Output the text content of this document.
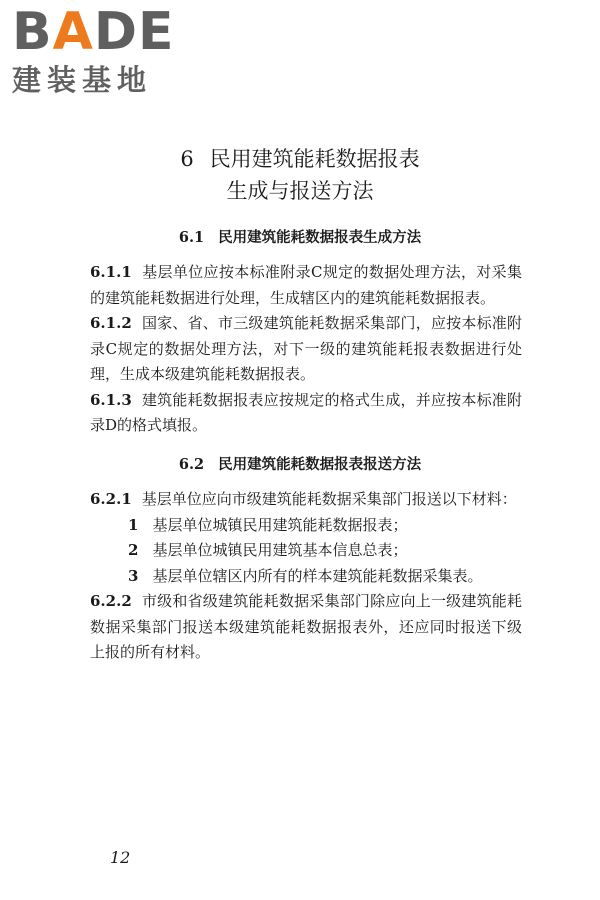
BADE
建装基地
6 民用建筑能耗数据报表
生成与报送方法
6.1 民用建筑能耗数据报表生成方法

6.1.1 基层单位应按本标准附录C规定的数据处理方法，对采集的建筑能耗数据进行处理，生成辖区内的建筑能耗数据报表。

6.1.2 国家、省、市三级建筑能耗数据采集部门，应按本标准附录C规定的数据处理方法，对下一级的建筑能耗报表数据进行处理，生成本级建筑能耗数据报表。

6.1.3 建筑能耗数据报表应按规定的格式生成，并应按本标准附录D的格式填报。

6.2 民用建筑能耗数据报表报送方法

6.2.1 基层单位应向市级建筑能耗数据采集部门报送以下材料：

1 基层单位城镇民用建筑能耗数据报表；

2 基层单位城镇民用建筑基本信息总表；

3 基层单位辖区内所有的样本建筑能耗数据采集表。

6.2.2 市级和省级建筑能耗数据采集部门除应向上一级建筑能耗数据采集部门报送本级建筑能耗数据报表外，还应同时报送下级上报的所有材料。

12
